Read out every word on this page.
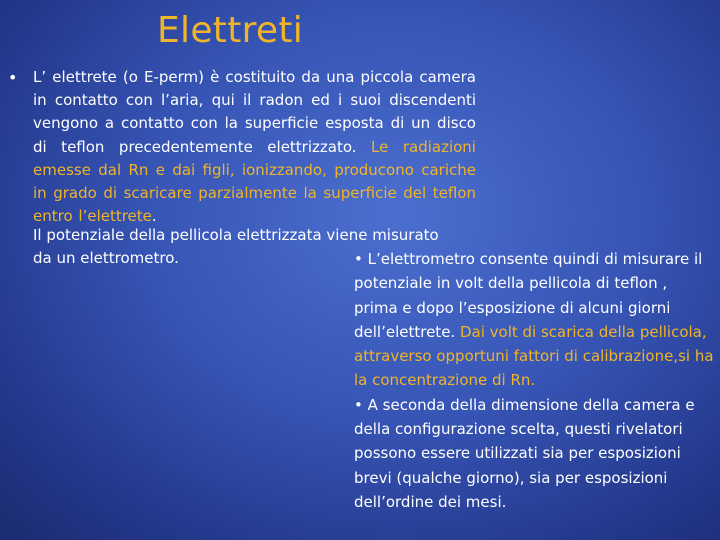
Elettreti
• L’ elettrete (o E-perm) è costituito da una piccola camera in contatto con l’aria, qui il radon ed i suoi discendenti vengono a contatto con la superficie esposta di un disco di teflon precedentemente elettrizzato. Le radiazioni emesse dal Rn e dai figli, ionizzando, producono cariche in grado di scaricare parzialmente la superficie del teflon entro l’elettrete.
Il potenziale della pellicola elettrizzata viene misurato
da un elettrometro.	• L’elettrometro consente quindi di misurare il potenziale in volt della pellicola di teflon , prima e dopo l’esposizione di alcuni giorni dell’elettrete. Dai volt di scarica della pellicola, attraverso opportuni fattori di calibrazione,si ha la concentrazione di Rn.

• A seconda della dimensione della camera e della configurazione scelta, questi rivelatori possono essere utilizzati sia per esposizioni brevi (qualche giorno), sia per esposizioni dell’ordine dei mesi.
